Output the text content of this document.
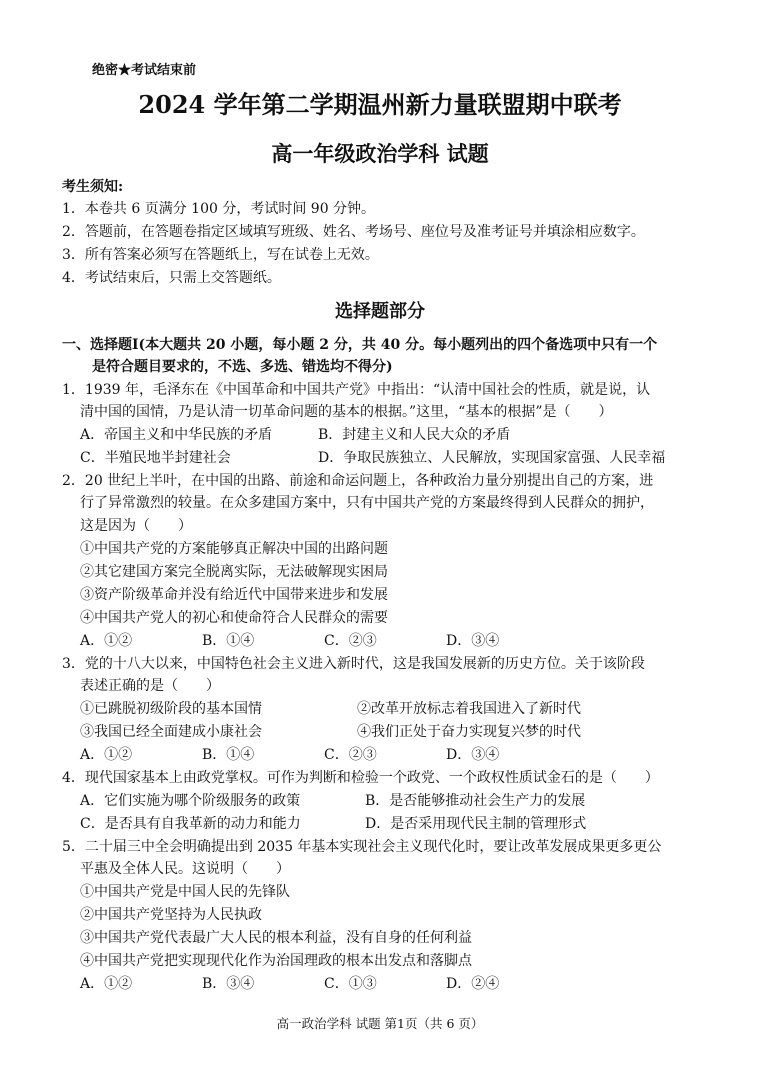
绝密★考试结束前
2024 学年第二学期温州新力量联盟期中联考
高一年级政治学科 试题
考生须知:
1．本卷共 6 页满分 100 分，考试时间 90 分钟。
2．答题前，在答题卷指定区域填写班级、姓名、考场号、座位号及准考证号并填涂相应数字。
3．所有答案必须写在答题纸上，写在试卷上无效。
4．考试结束后，只需上交答题纸。
选择题部分
一、选择题Ⅰ(本大题共 20 小题，每小题 2 分，共 40 分。每小题列出的四个备选项中只有一个
是符合题目要求的，不选、多选、错选均不得分)
1．1939 年，毛泽东在《中国革命和中国共产党》中指出：“认清中国社会的性质，就是说，认
清中国的国情，乃是认清一切革命问题的基本的根据。”这里，“基本的根据”是（　　）
A．帝国主义和中华民族的矛盾	B．封建主义和人民大众的矛盾
C．半殖民地半封建社会	D．争取民族独立、人民解放，实现国家富强、人民幸福
2．20 世纪上半叶，在中国的出路、前途和命运问题上，各种政治力量分别提出自己的方案，进
行了异常激烈的较量。在众多建国方案中，只有中国共产党的方案最终得到人民群众的拥护，
这是因为（　　）
①中国共产党的方案能够真正解决中国的出路问题
②其它建国方案完全脱离实际，无法破解现实困局
③资产阶级革命并没有给近代中国带来进步和发展
④中国共产党人的初心和使命符合人民群众的需要
A．①②	B．①④	C．②③	D．③④
3．党的十八大以来，中国特色社会主义进入新时代，这是我国发展新的历史方位。关于该阶段
表述正确的是（　　）
①已跳脱初级阶段的基本国情	②改革开放标志着我国进入了新时代
③我国已经全面建成小康社会	④我们正处于奋力实现复兴梦的时代
A．①②	B．①④	C．②③	D．③④
4．现代国家基本上由政党掌权。可作为判断和检验一个政党、一个政权性质试金石的是（　　）
A．它们实施为哪个阶级服务的政策	B．是否能够推动社会生产力的发展
C．是否具有自我革新的动力和能力	D．是否采用现代民主制的管理形式
5．二十届三中全会明确提出到 2035 年基本实现社会主义现代化时，要让改革发展成果更多更公
平惠及全体人民。这说明（　　）
①中国共产党是中国人民的先锋队
②中国共产党坚持为人民执政
③中国共产党代表最广大人民的根本利益，没有自身的任何利益
④中国共产党把实现现代化作为治国理政的根本出发点和落脚点
A．①②	B．③④	C．①③	D．②④
高一政治学科 试题 第1页（共 6 页）
